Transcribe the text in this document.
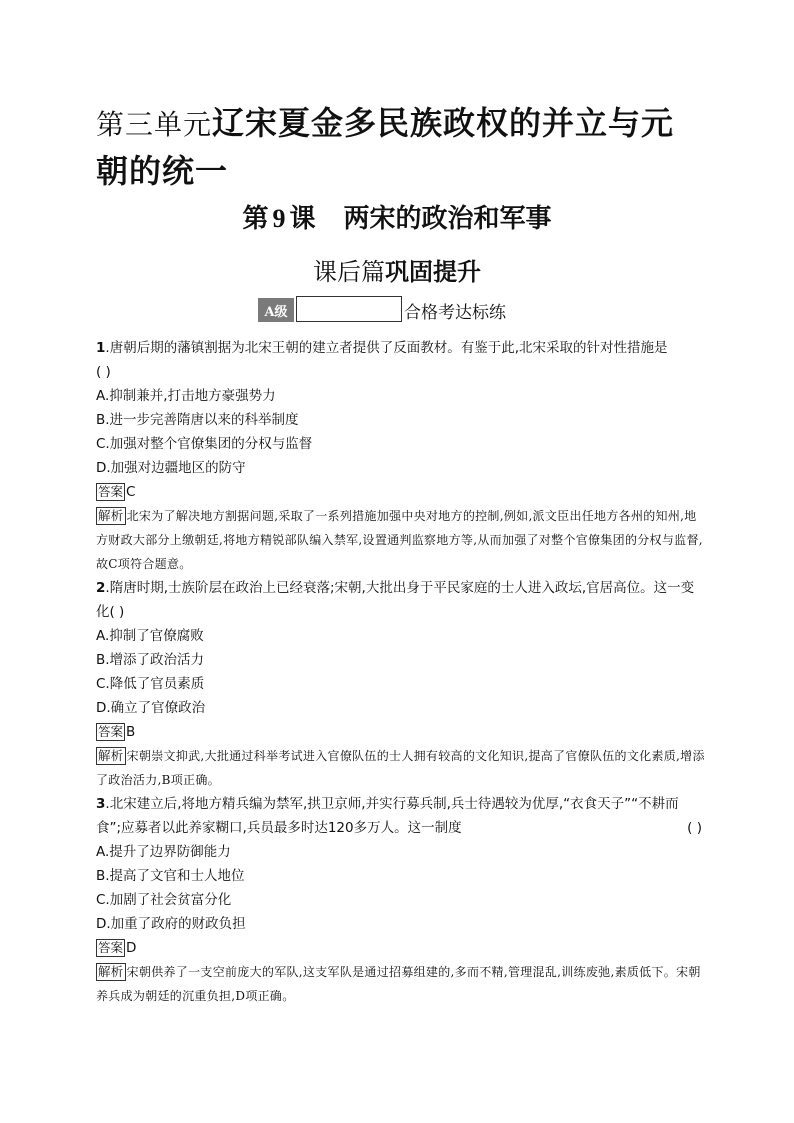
第三单元辽宋夏金多民族政权的并立与元朝的统一
第 9 课 两宋的政治和军事
课后篇巩固提升
A级	合格考达标练
1.唐朝后期的藩镇割据为北宋王朝的建立者提供了反面教材。有鉴于此,北宋采取的针对性措施是
( )
A.抑制兼并,打击地方豪强势力
B.进一步完善隋唐以来的科举制度
C.加强对整个官僚集团的分权与监督
D.加强对边疆地区的防守
答案 C
解析 北宋为了解决地方割据问题,采取了一系列措施加强中央对地方的控制,例如,派文臣出任地方各州的知州,地方财政大部分上缴朝廷,将地方精锐部队编入禁军,设置通判监察地方等,从而加强了对整个官僚集团的分权与监督,故C项符合题意。
2.隋唐时期,士族阶层在政治上已经衰落;宋朝,大批出身于平民家庭的士人进入政坛,官居高位。这一变
化( )
A.抑制了官僚腐败
B.增添了政治活力
C.降低了官员素质
D.确立了官僚政治
答案 B
解析 宋朝崇文抑武,大批通过科举考试进入官僚队伍的士人拥有较高的文化知识,提高了官僚队伍的文化素质,增添了政治活力,B项正确。
3.北宋建立后,将地方精兵编为禁军,拱卫京师,并实行募兵制,兵士待遇较为优厚,“衣食天子”“不耕而
食”;应募者以此养家糊口,兵员最多时达120多万人。这一制度	( )
A.提升了边界防御能力
B.提高了文官和士人地位
C.加剧了社会贫富分化
D.加重了政府的财政负担
答案 D
解析 宋朝供养了一支空前庞大的军队,这支军队是通过招募组建的,多而不精,管理混乱,训练废弛,素质低下。宋朝养兵成为朝廷的沉重负担,D项正确。
